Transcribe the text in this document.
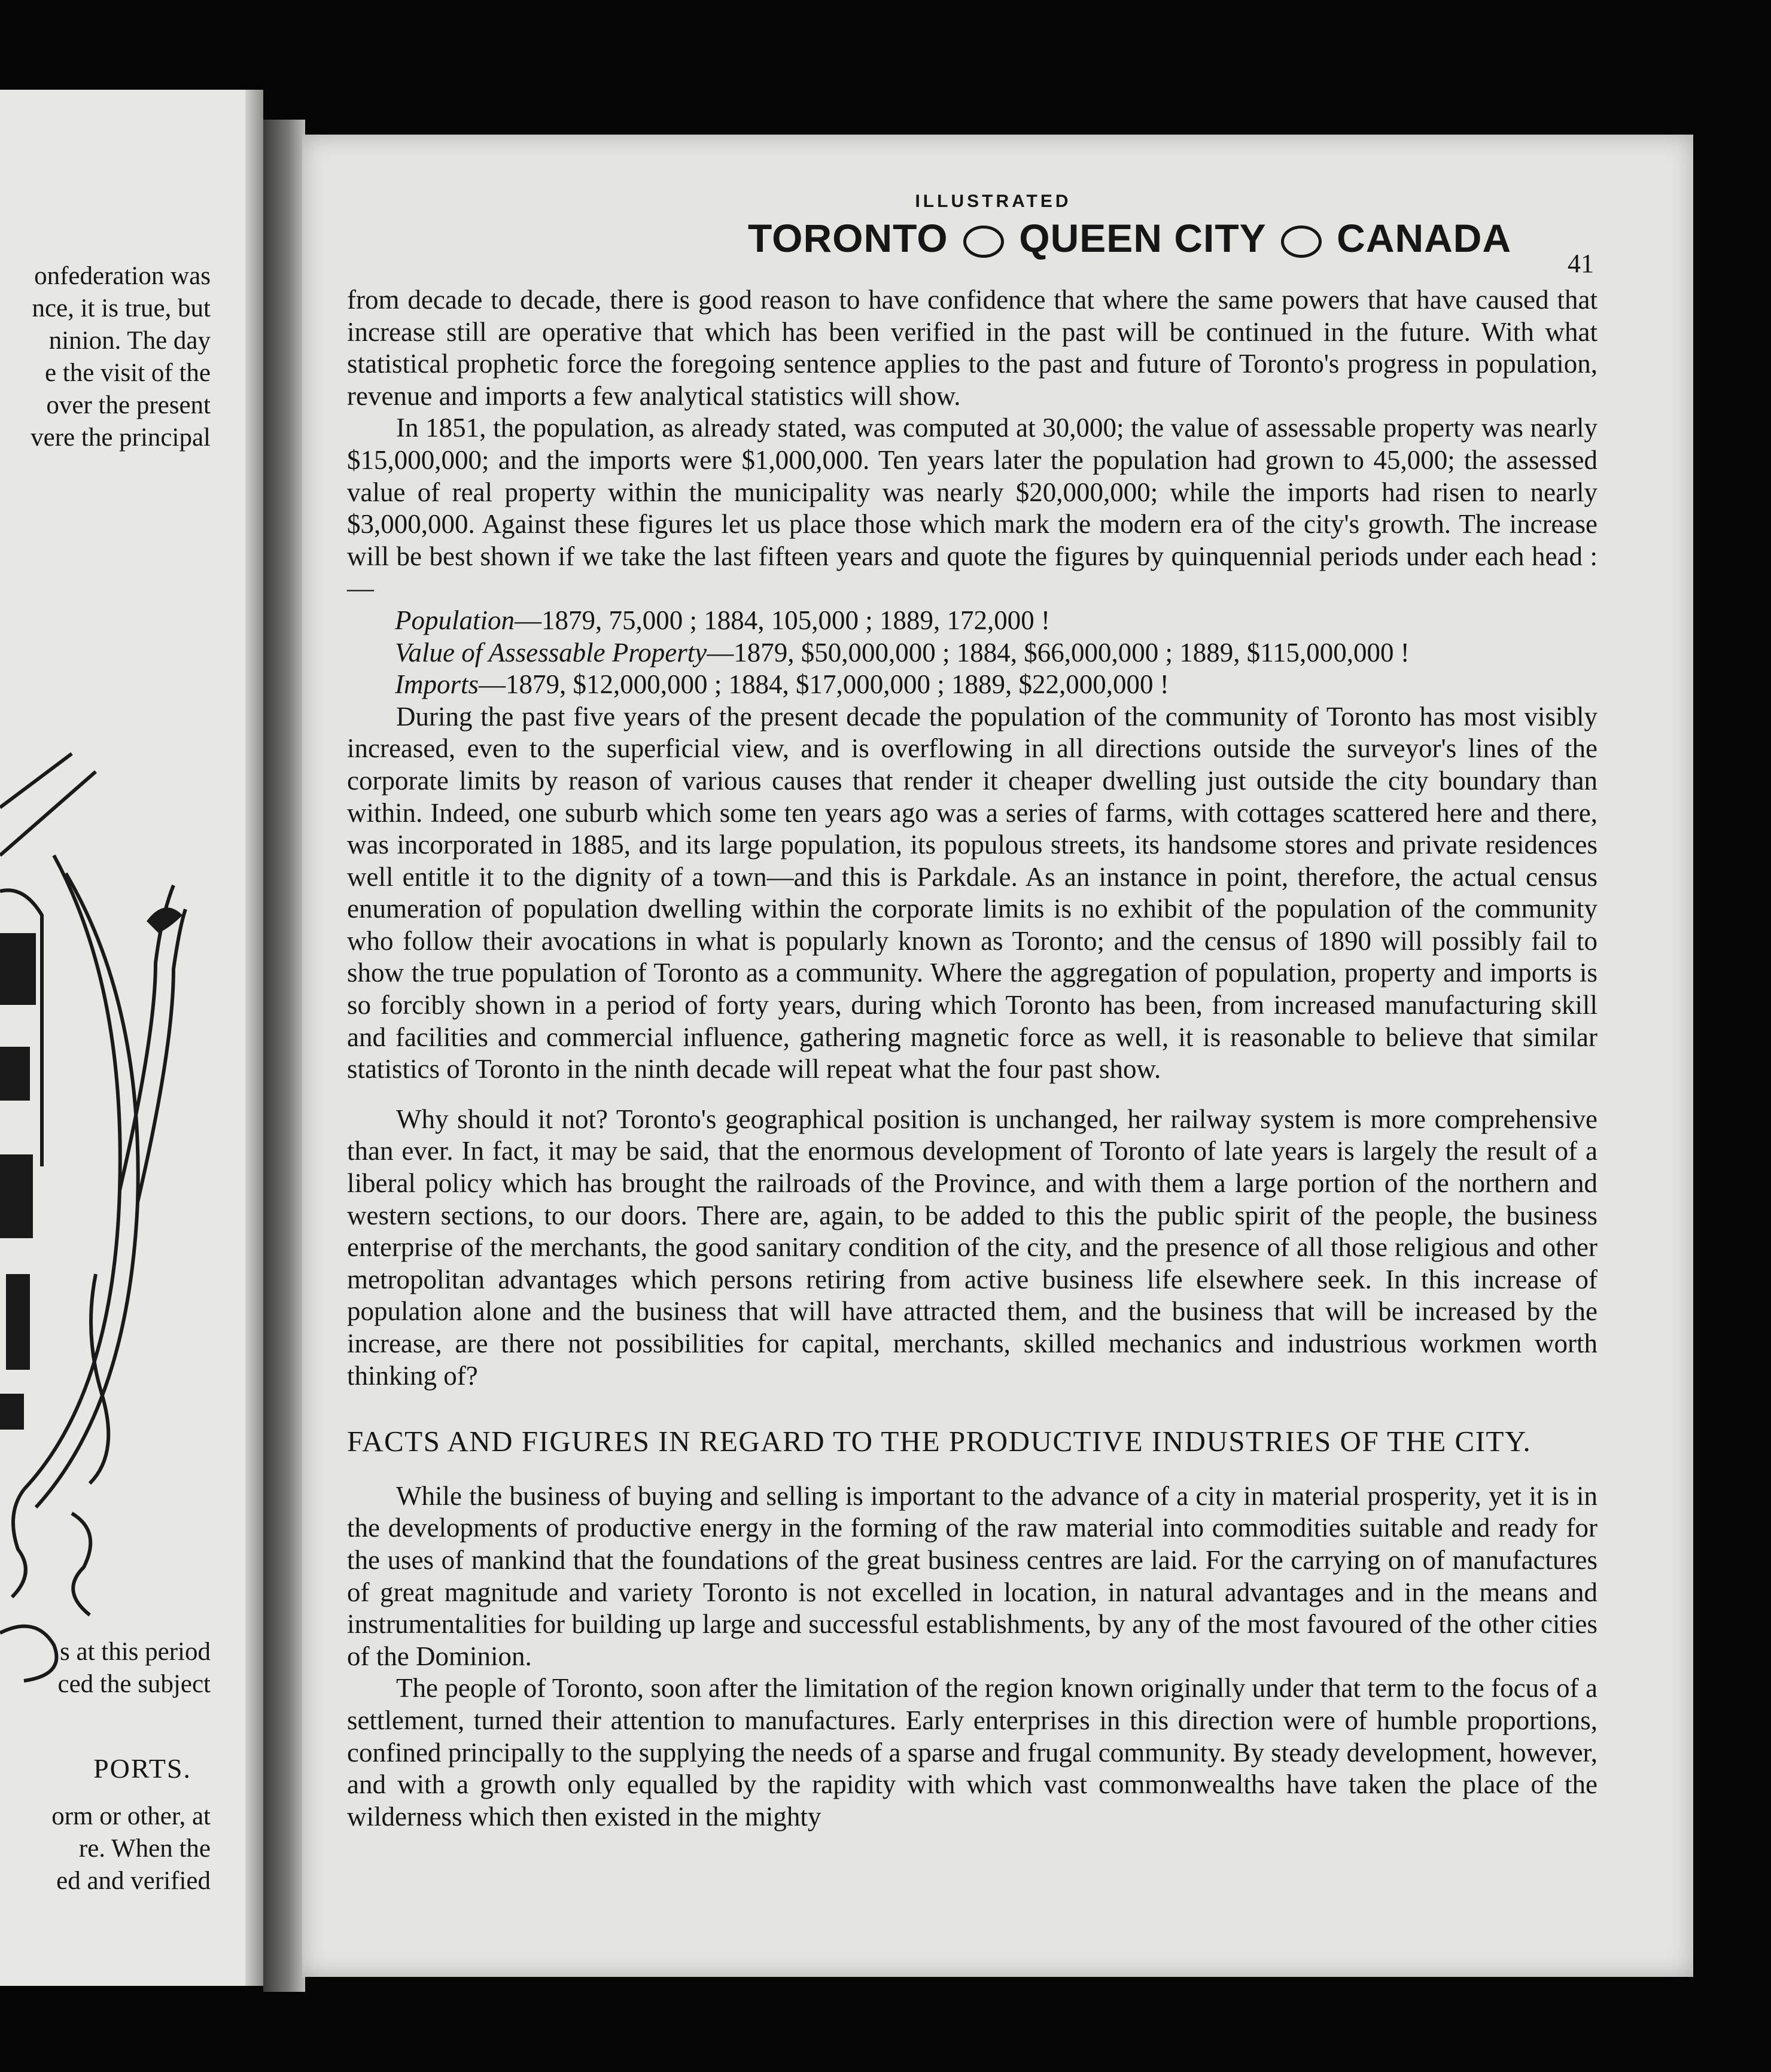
onfederation was
nce, it is true, but
ninion. The day
e the visit of the
over the present
vere the principal
s at this period
ced the subject
PORTS.
orm or other, at
re. When the
ed and verified
ILLUSTRATED
TORONTO QUEEN CITY CANADA
41

from decade to decade, there is good reason to have confidence that where the same powers that have caused that increase still are operative that which has been verified in the past will be continued in the future. With what statistical prophetic force the foregoing sentence applies to the past and future of Toronto's progress in population, revenue and imports a few analytical statistics will show.

In 1851, the population, as already stated, was computed at 30,000; the value of assessable property was nearly $15,000,000; and the imports were $1,000,000. Ten years later the population had grown to 45,000; the assessed value of real property within the municipality was nearly $20,000,000; while the imports had risen to nearly $3,000,000. Against these figures let us place those which mark the modern era of the city's growth. The increase will be best shown if we take the last fifteen years and quote the figures by quinquennial periods under each head :—

Population—1879, 75,000 ; 1884, 105,000 ; 1889, 172,000 !

Value of Assessable Property—1879, $50,000,000 ; 1884, $66,000,000 ; 1889, $115,000,000 !

Imports—1879, $12,000,000 ; 1884, $17,000,000 ; 1889, $22,000,000 !

During the past five years of the present decade the population of the community of Toronto has most visibly increased, even to the superficial view, and is overflowing in all directions outside the surveyor's lines of the corporate limits by reason of various causes that render it cheaper dwelling just outside the city boundary than within. Indeed, one suburb which some ten years ago was a series of farms, with cottages scattered here and there, was incorporated in 1885, and its large population, its populous streets, its handsome stores and private residences well entitle it to the dignity of a town—and this is Parkdale. As an instance in point, therefore, the actual census enumeration of population dwelling within the corporate limits is no exhibit of the population of the community who follow their avocations in what is popularly known as Toronto; and the census of 1890 will possibly fail to show the true population of Toronto as a community. Where the aggregation of population, property and imports is so forcibly shown in a period of forty years, during which Toronto has been, from increased manufacturing skill and facilities and commercial influence, gathering magnetic force as well, it is reasonable to believe that similar statistics of Toronto in the ninth decade will repeat what the four past show.

Why should it not? Toronto's geographical position is unchanged, her railway system is more comprehensive than ever. In fact, it may be said, that the enormous development of Toronto of late years is largely the result of a liberal policy which has brought the railroads of the Province, and with them a large portion of the northern and western sections, to our doors. There are, again, to be added to this the public spirit of the people, the business enterprise of the merchants, the good sanitary condition of the city, and the presence of all those religious and other metropolitan advantages which persons retiring from active business life elsewhere seek. In this increase of population alone and the business that will have attracted them, and the business that will be increased by the increase, are there not possibilities for capital, merchants, skilled mechanics and industrious workmen worth thinking of?

FACTS AND FIGURES IN REGARD TO THE PRODUCTIVE INDUSTRIES OF THE CITY.

While the business of buying and selling is important to the advance of a city in material prosperity, yet it is in the developments of productive energy in the forming of the raw material into commodities suitable and ready for the uses of mankind that the foundations of the great business centres are laid. For the carrying on of manufactures of great magnitude and variety Toronto is not excelled in location, in natural advantages and in the means and instrumentalities for building up large and successful establishments, by any of the most favoured of the other cities of the Dominion.

The people of Toronto, soon after the limitation of the region known originally under that term to the focus of a settlement, turned their attention to manufactures. Early enterprises in this direction were of humble proportions, confined principally to the supplying the needs of a sparse and frugal community. By steady development, however, and with a growth only equalled by the rapidity with which vast commonwealths have taken the place of the wilderness which then existed in the mighty
